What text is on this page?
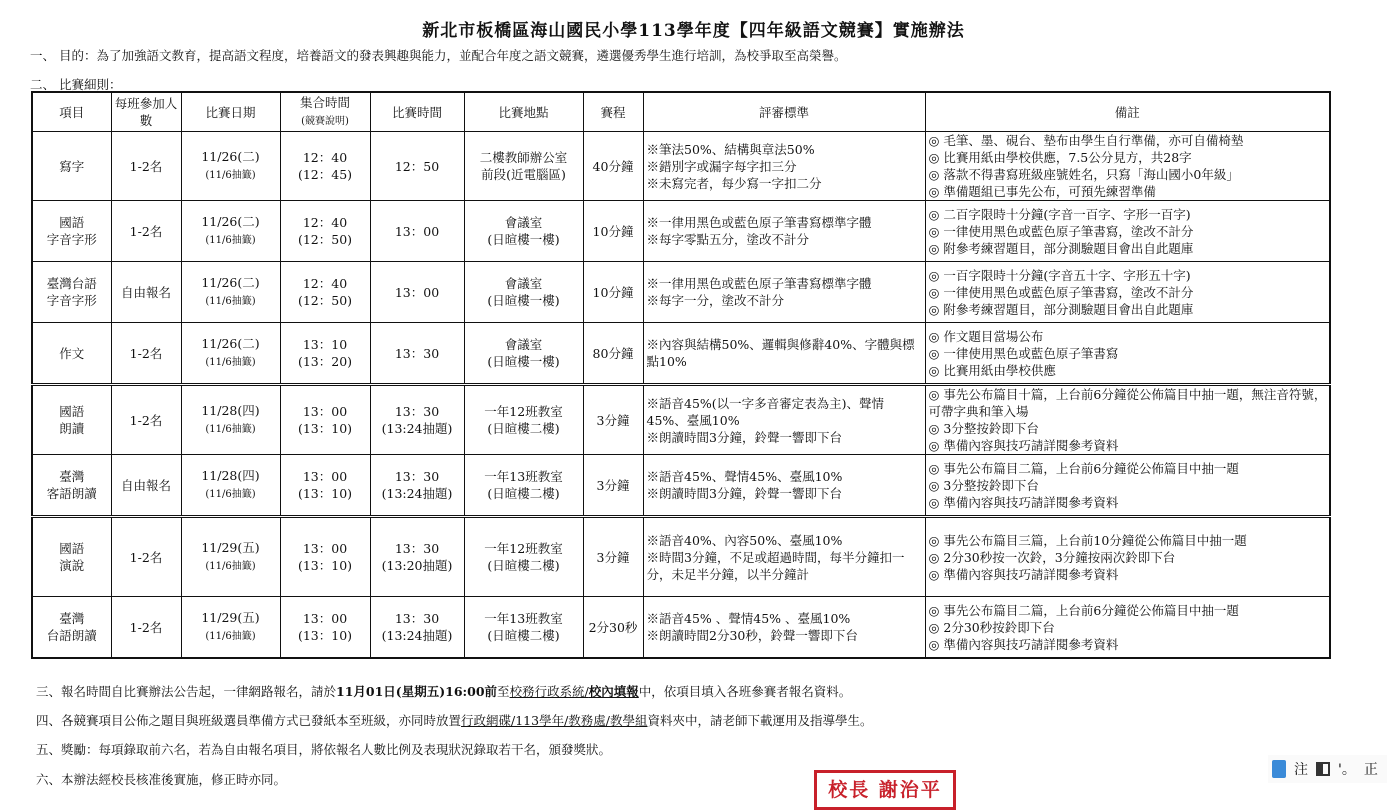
新北市板橋區海山國民小學113學年度【四年級語文競賽】實施辦法
一、 目的：為了加強語文教育，提高語文程度，培養語文的發表興趣與能力，並配合年度之語文競賽，遴選優秀學生進行培訓，為校爭取至高榮譽。
二、 比賽細則：
項目	每班參加人數	比賽日期	集合時間
(競賽說明)	比賽時間	比賽地點	賽程	評審標準	備註
寫字	1-2名	11/26(二)
(11/6抽籤)	12：40
(12：45)	12：50	二樓教師辦公室
前段(近電腦區)	40分鐘	※筆法50%、結構與章法50%
※錯別字或漏字每字扣三分
※未寫完者，每少寫一字扣二分	◎ 毛筆、墨、硯台、墊布由學生自行準備，亦可自備椅墊
◎ 比賽用紙由學校供應，7.5公分見方，共28字
◎ 落款不得書寫班級座號姓名，只寫「海山國小0年級」
◎ 準備題組已事先公布，可預先練習準備
國語
字音字形	1-2名	11/26(二)
(11/6抽籤)	12：40
(12：50)	13：00	會議室
(日暄樓一樓)	10分鐘	※一律用黑色或藍色原子筆書寫標準字體
※每字零點五分，塗改不計分	◎ 二百字限時十分鐘(字音一百字、字形一百字)
◎ 一律使用黑色或藍色原子筆書寫，塗改不計分
◎ 附參考練習題目，部分測驗題目會出自此題庫
臺灣台語
字音字形	自由報名	11/26(二)
(11/6抽籤)	12：40
(12：50)	13：00	會議室
(日暄樓一樓)	10分鐘	※一律用黑色或藍色原子筆書寫標準字體
※每字一分，塗改不計分	◎ 一百字限時十分鐘(字音五十字、字形五十字)
◎ 一律使用黑色或藍色原子筆書寫，塗改不計分
◎ 附參考練習題目，部分測驗題目會出自此題庫
作文	1-2名	11/26(二)
(11/6抽籤)	13：10
(13：20)	13：30	會議室
(日暄樓一樓)	80分鐘	※內容與結構50%、邏輯與修辭40%、字體與標點10%	◎ 作文題目當場公布
◎ 一律使用黑色或藍色原子筆書寫
◎ 比賽用紙由學校供應
國語
朗讀	1-2名	11/28(四)
(11/6抽籤)	13：00
(13：10)	13：30
(13:24抽題)	一年12班教室
(日暄樓二樓)	3分鐘	※語音45%(以一字多音審定表為主)、聲情45%、臺風10%
※朗讀時間3分鐘，鈴聲一響即下台	◎ 事先公布篇目十篇，上台前6分鐘從公佈篇目中抽一題，無注音符號，可帶字典和筆入場
◎ 3分整按鈴即下台
◎ 準備內容與技巧請詳閱參考資料
臺灣
客語朗讀	自由報名	11/28(四)
(11/6抽籤)	13：00
(13：10)	13：30
(13:24抽題)	一年13班教室
(日暄樓二樓)	3分鐘	※語音45%、聲情45%、臺風10%
※朗讀時間3分鐘，鈴聲一響即下台	◎ 事先公布篇目二篇，上台前6分鐘從公佈篇目中抽一題
◎ 3分整按鈴即下台
◎ 準備內容與技巧請詳閱參考資料
國語
演說	1-2名	11/29(五)
(11/6抽籤)	13：00
(13：10)	13：30
(13:20抽題)	一年12班教室
(日暄樓二樓)	3分鐘	※語音40%、內容50%、臺風10%
※時間3分鐘，不足或超過時間，每半分鐘扣一分，未足半分鐘，以半分鐘計	◎ 事先公布篇目三篇，上台前10分鐘從公佈篇目中抽一題
◎ 2分30秒按一次鈴，3分鐘按兩次鈴即下台
◎ 準備內容與技巧請詳閱參考資料
臺灣
台語朗讀	1-2名	11/29(五)
(11/6抽籤)	13：00
(13：10)	13：30
(13:24抽題)	一年13班教室
(日暄樓二樓)	2分30秒	※語音45% 、聲情45% 、臺風10%
※朗讀時間2分30秒，鈴聲一響即下台	◎ 事先公布篇目二篇，上台前6分鐘從公佈篇目中抽一題
◎ 2分30秒按鈴即下台
◎ 準備內容與技巧請詳閱參考資料
三、報名時間自比賽辦法公告起，一律網路報名，請於11月01日(星期五)16:00前至校務行政系統/校內填報中，依項目填入各班參賽者報名資料。
四、各競賽項目公佈之題目與班級選員準備方式已發紙本至班級，亦同時放置行政網碟/113學年/教務處/教學組資料夾中，請老師下載運用及指導學生。
五、獎勵：每項錄取前六名，若為自由報名項目，將依報名人數比例及表現狀況錄取若干名，頒發獎狀。
六、本辦法經校長核准後實施，修正時亦同。	校長 謝治平
注 '。 正
